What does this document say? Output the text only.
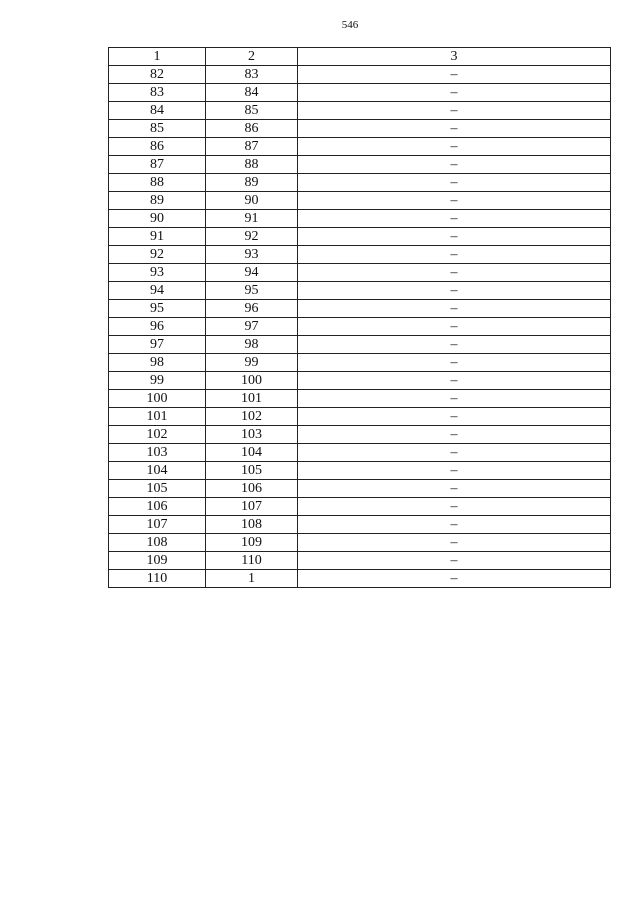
546
1	2	3
82	83	–
83	84	–
84	85	–
85	86	–
86	87	–
87	88	–
88	89	–
89	90	–
90	91	–
91	92	–
92	93	–
93	94	–
94	95	–
95	96	–
96	97	–
97	98	–
98	99	–
99	100	–
100	101	–
101	102	–
102	103	–
103	104	–
104	105	–
105	106	–
106	107	–
107	108	–
108	109	–
109	110	–
110	1	–
